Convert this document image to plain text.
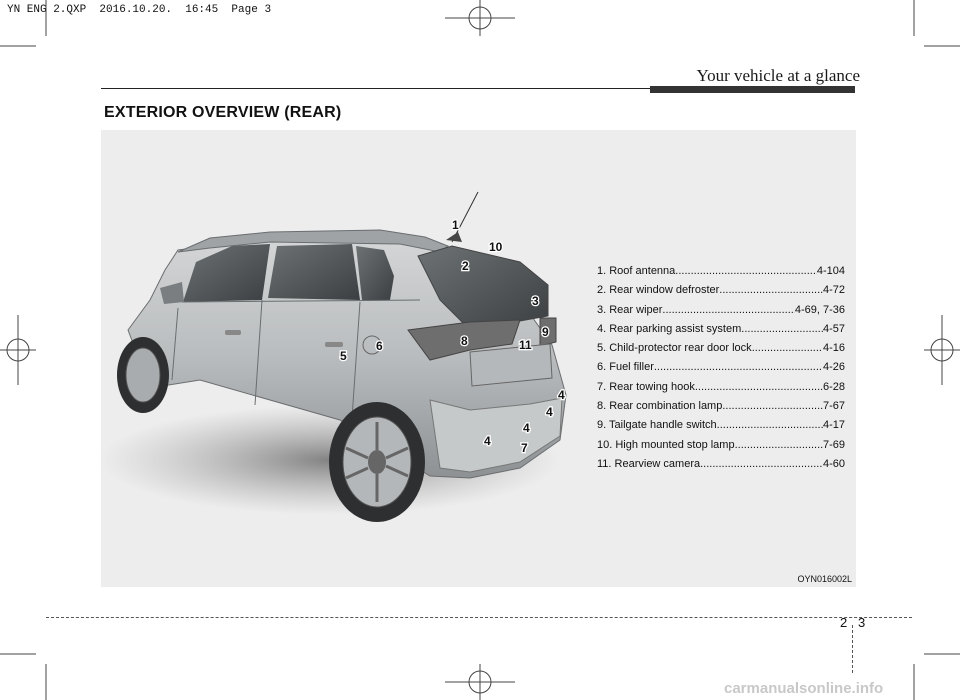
YN ENG 2.QXP  2016.10.20.  16:45  Page 3
Your vehicle at a glance
EXTERIOR OVERVIEW (REAR)
1
10
2
3
9
11
8
6
5
4
4
4
4	7
1. Roof antenna .....	4-104
2. Rear window defroster .....	4-72
3. Rear wiper .....	4-69, 7-36
4. Rear parking assist system .....	4-57
5. Child-protector rear door lock .....	4-16
6. Fuel filler .....	4-26
7. Rear towing hook .....	6-28
8. Rear combination lamp .....	7-67
9. Tailgate handle switch .....	4-17
10. High mounted stop lamp .....	7-69
11. Rearview camera .....	4-60
OYN016002L
2 3
carmanualsonline.info
